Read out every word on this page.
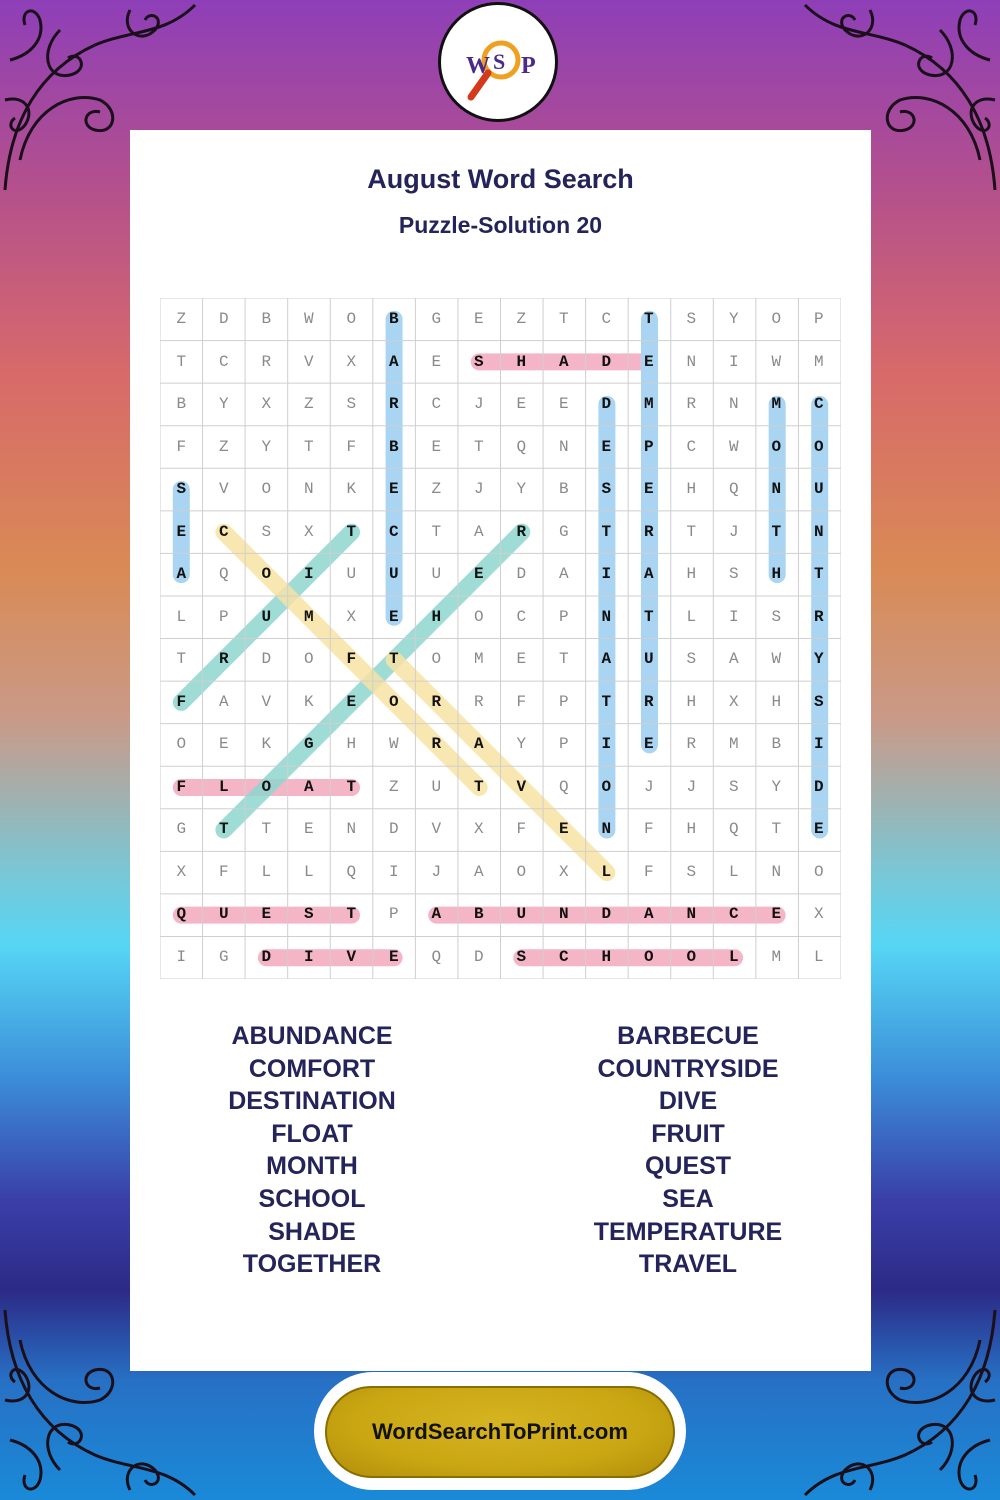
W S P
August Word Search
Puzzle-Solution 20
Z	D	B	W	O	B	G	E	Z	T	C	T	S	Y	O	P
T	C	R	V	X	A	E	S	H	A	D	E	N	I	W	M
B	Y	X	Z	S	R	C	J	E	E	D	M	R	N	M	C
F	Z	Y	T	F	B	E	T	Q	N	E	P	C	W	O	O
S	V	O	N	K	E	Z	J	Y	B	S	E	H	Q	N	U
E	C	S	X	T	C	T	A	R	G	T	R	T	J	T	N
A	Q	O	I	U	U	U	E	D	A	I	A	H	S	H	T
L	P	U	M	X	E	H	O	C	P	N	T	L	I	S	R
T	R	D	O	F	T	O	M	E	T	A	U	S	A	W	Y
F	A	V	K	E	O	R	R	F	P	T	R	H	X	H	S
O	E	K	G	H	W	R	A	Y	P	I	E	R	M	B	I
F	L	O	A	T	Z	U	T	V	Q	O	J	J	S	Y	D
G	T	T	E	N	D	V	X	F	E	N	F	H	Q	T	E
X	F	L	L	Q	I	J	A	O	X	L	F	S	L	N	O
Q	U	E	S	T	P	A	B	U	N	D	A	N	C	E	X
I	G	D	I	V	E	Q	D	S	C	H	O	O	L	M	L
ABUNDANCE
COMFORT
DESTINATION
FLOAT
MONTH
SCHOOL
SHADE
TOGETHER
BARBECUE
COUNTRYSIDE
DIVE
FRUIT
QUEST
SEA
TEMPERATURE
TRAVEL
WordSearchToPrint.com
